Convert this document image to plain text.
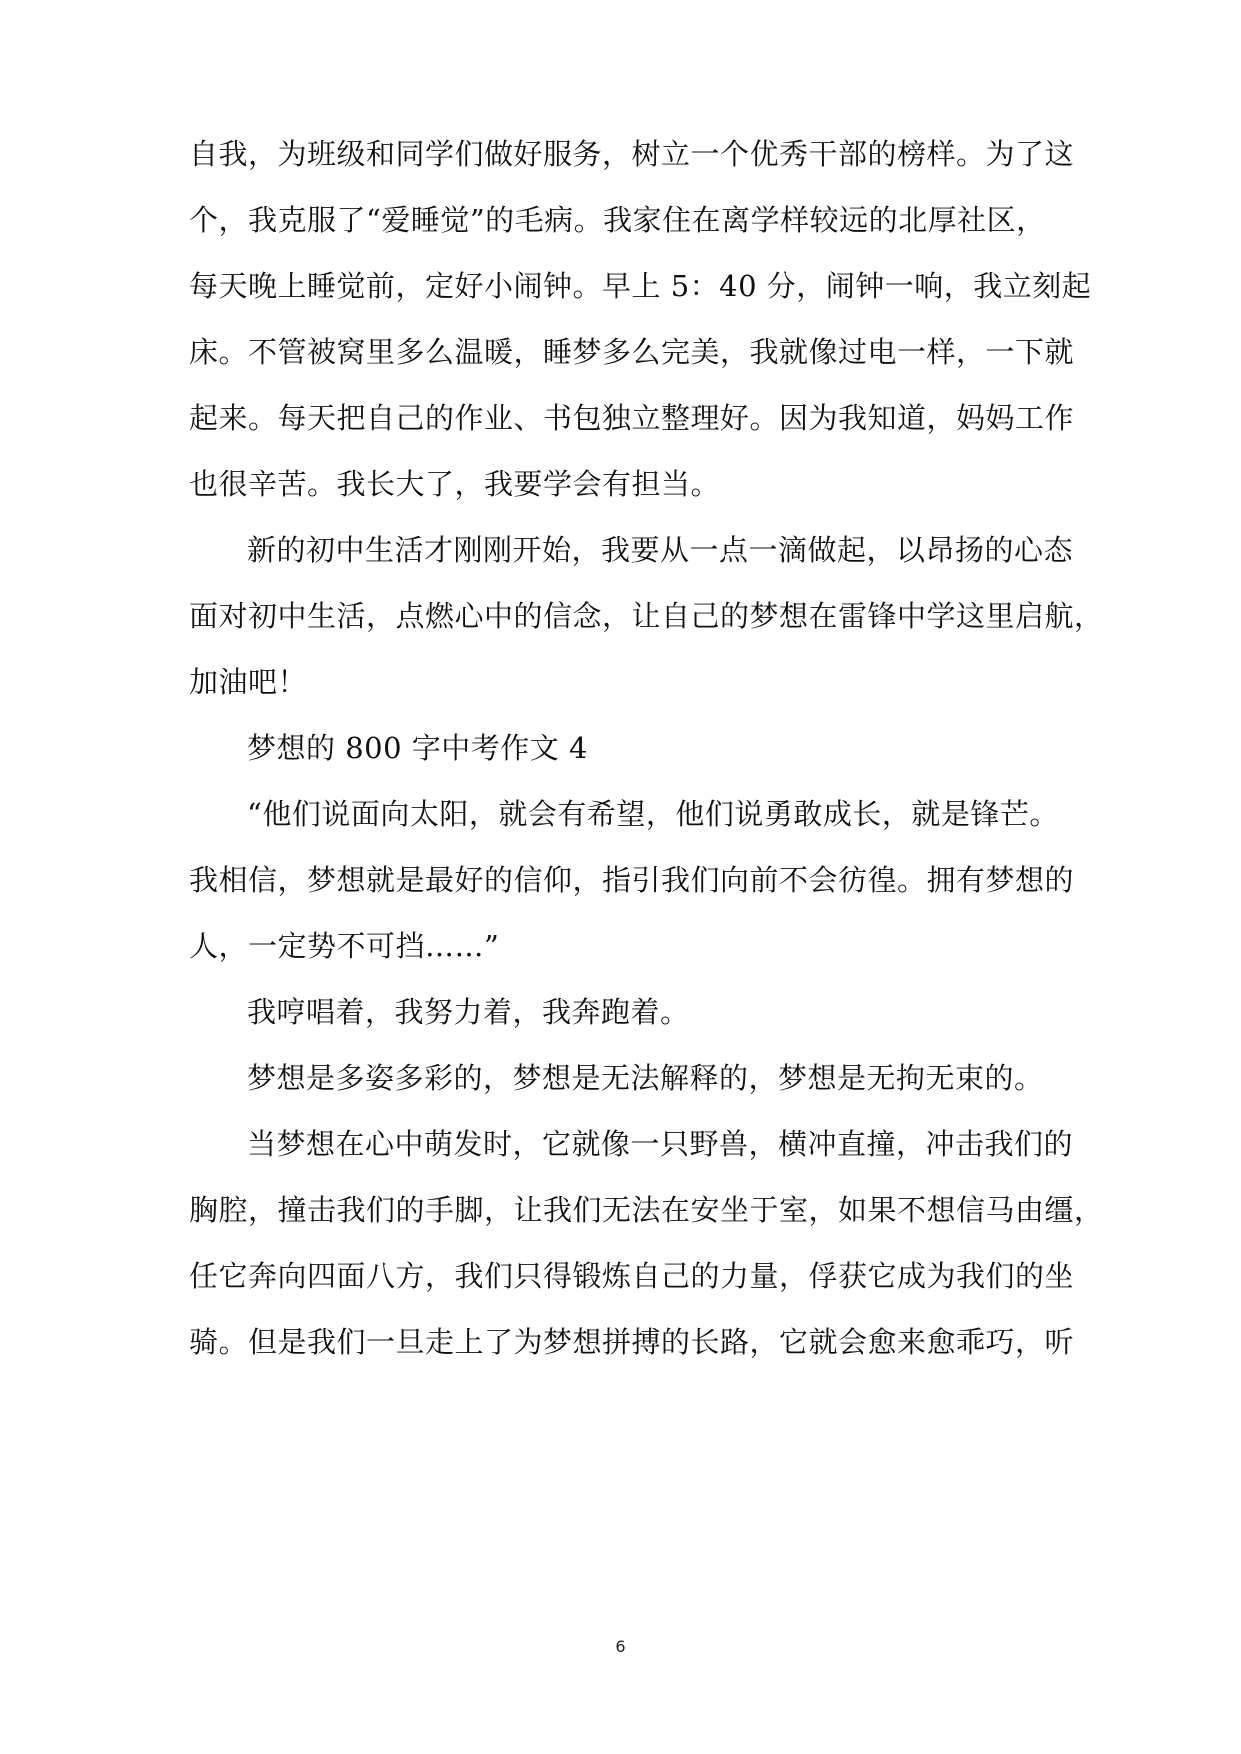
自我，为班级和同学们做好服务，树立一个优秀干部的榜样。为了这
个，我克服了“爱睡觉”的毛病。我家住在离学样较远的北厚社区，
每天晚上睡觉前，定好小闹钟。早上 5：40 分，闹钟一响，我立刻起
床。不管被窝里多么温暖，睡梦多么完美，我就像过电一样，一下就
起来。每天把自己的作业、书包独立整理好。因为我知道，妈妈工作
也很辛苦。我长大了，我要学会有担当。
新的初中生活才刚刚开始，我要从一点一滴做起，以昂扬的心态
面对初中生活，点燃心中的信念，让自己的梦想在雷锋中学这里启航，
加油吧！
梦想的 800 字中考作文 4
“他们说面向太阳，就会有希望，他们说勇敢成长，就是锋芒。
我相信，梦想就是最好的信仰，指引我们向前不会彷徨。拥有梦想的
人，一定势不可挡……”
我哼唱着，我努力着，我奔跑着。
梦想是多姿多彩的，梦想是无法解释的，梦想是无拘无束的。
当梦想在心中萌发时，它就像一只野兽，横冲直撞，冲击我们的
胸腔，撞击我们的手脚，让我们无法在安坐于室，如果不想信马由缰，
任它奔向四面八方，我们只得锻炼自己的力量，俘获它成为我们的坐
骑。但是我们一旦走上了为梦想拼搏的长路，它就会愈来愈乖巧，听
6
